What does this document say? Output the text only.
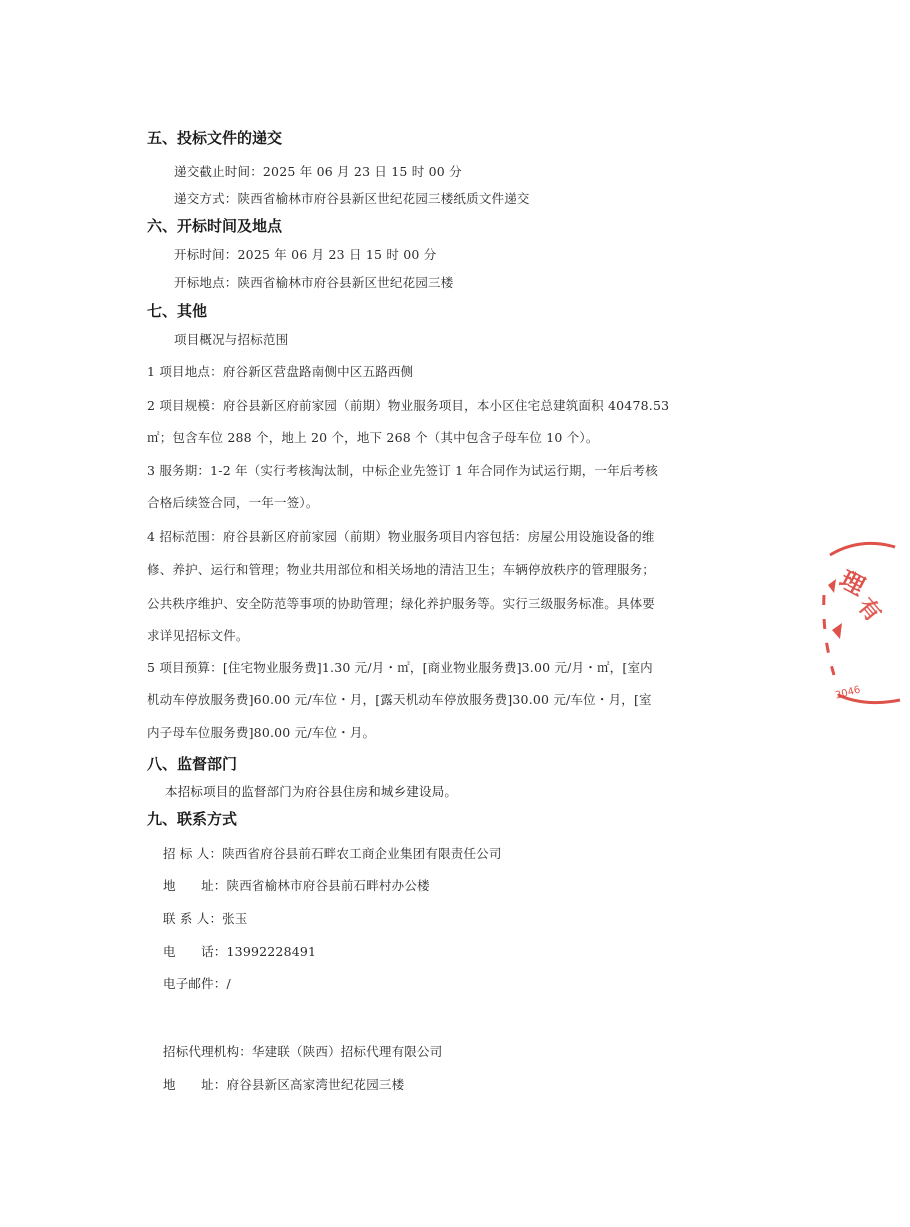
五、投标文件的递交
递交截止时间：2025 年 06 月 23 日 15 时 00 分
递交方式：陕西省榆林市府谷县新区世纪花园三楼纸质文件递交
六、开标时间及地点
开标时间：2025 年 06 月 23 日 15 时 00 分
开标地点：陕西省榆林市府谷县新区世纪花园三楼
七、其他
项目概况与招标范围
1 项目地点：府谷新区营盘路南侧中区五路西侧
2 项目规模：府谷县新区府前家园（前期）物业服务项目，本小区住宅总建筑面积 40478.53
㎡；包含车位 288 个，地上 20 个，地下 268 个（其中包含子母车位 10 个）。
3 服务期：1-2 年（实行考核淘汰制，中标企业先签订 1 年合同作为试运行期，一年后考核
合格后续签合同，一年一签）。
4 招标范围：府谷县新区府前家园（前期）物业服务项目内容包括：房屋公用设施设备的维
修、养护、运行和管理；物业共用部位和相关场地的清洁卫生；车辆停放秩序的管理服务；
公共秩序维护、安全防范等事项的协助管理；绿化养护服务等。实行三级服务标准。具体要
求详见招标文件。
5 项目预算：[住宅物业服务费]1.30 元/月・㎡，[商业物业服务费]3.00 元/月・㎡，[室内
机动车停放服务费]60.00 元/车位・月，[露天机动车停放服务费]30.00 元/车位・月，[室
内子母车位服务费]80.00 元/车位・月。
八、监督部门
本招标项目的监督部门为府谷县住房和城乡建设局。
九、联系方式
招 标 人：陕西省府谷县前石畔农工商企业集团有限责任公司
地　　址：陕西省榆林市府谷县前石畔村办公楼
联 系 人：张玉
电　　话：13992228491
电子邮件：/
招标代理机构：华建联（陕西）招标代理有限公司
地　　址：府谷县新区高家湾世纪花园三楼
理
有
3046
